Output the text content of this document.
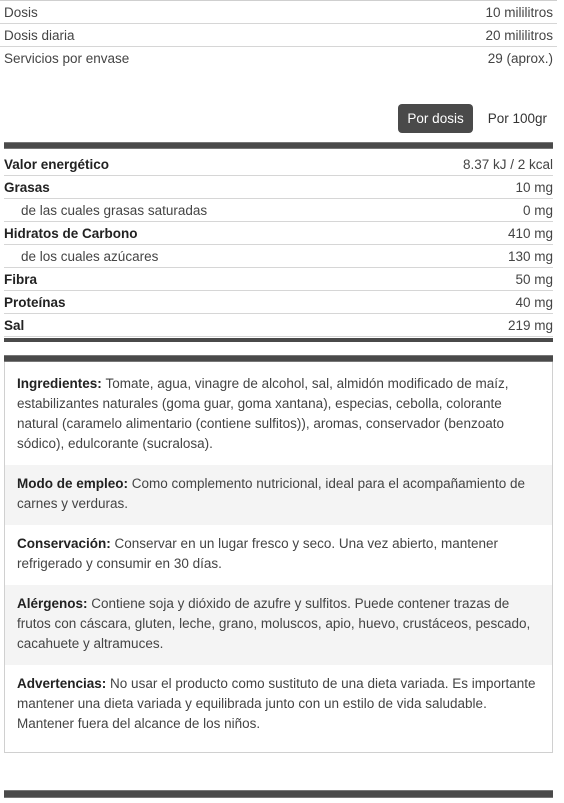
Dosis	10 mililitros
Dosis diaria	20 mililitros
Servicios por envase	29 (aprox.)
Por dosis	Por 100gr
Valor energético	8.37 kJ / 2 kcal
Grasas	10 mg
de las cuales grasas saturadas	0 mg
Hidratos de Carbono	410 mg
de los cuales azúcares	130 mg
Fibra	50 mg
Proteínas	40 mg
Sal	219 mg
Ingredientes: Tomate, agua, vinagre de alcohol, sal, almidón modificado de maíz, estabilizantes naturales (goma guar, goma xantana), especias, cebolla, colorante natural (caramelo alimentario (contiene sulfitos)), aromas, conservador (benzoato sódico), edulcorante (sucralosa).
Modo de empleo: Como complemento nutricional, ideal para el acompañamiento de carnes y verduras.
Conservación: Conservar en un lugar fresco y seco. Una vez abierto, mantener refrigerado y consumir en 30 días.
Alérgenos: Contiene soja y dióxido de azufre y sulfitos. Puede contener trazas de frutos con cáscara, gluten, leche, grano, moluscos, apio, huevo, crustáceos, pescado, cacahuete y altramuces.
Advertencias: No usar el producto como sustituto de una dieta variada. Es importante mantener una dieta variada y equilibrada junto con un estilo de vida saludable. Mantener fuera del alcance de los niños.
